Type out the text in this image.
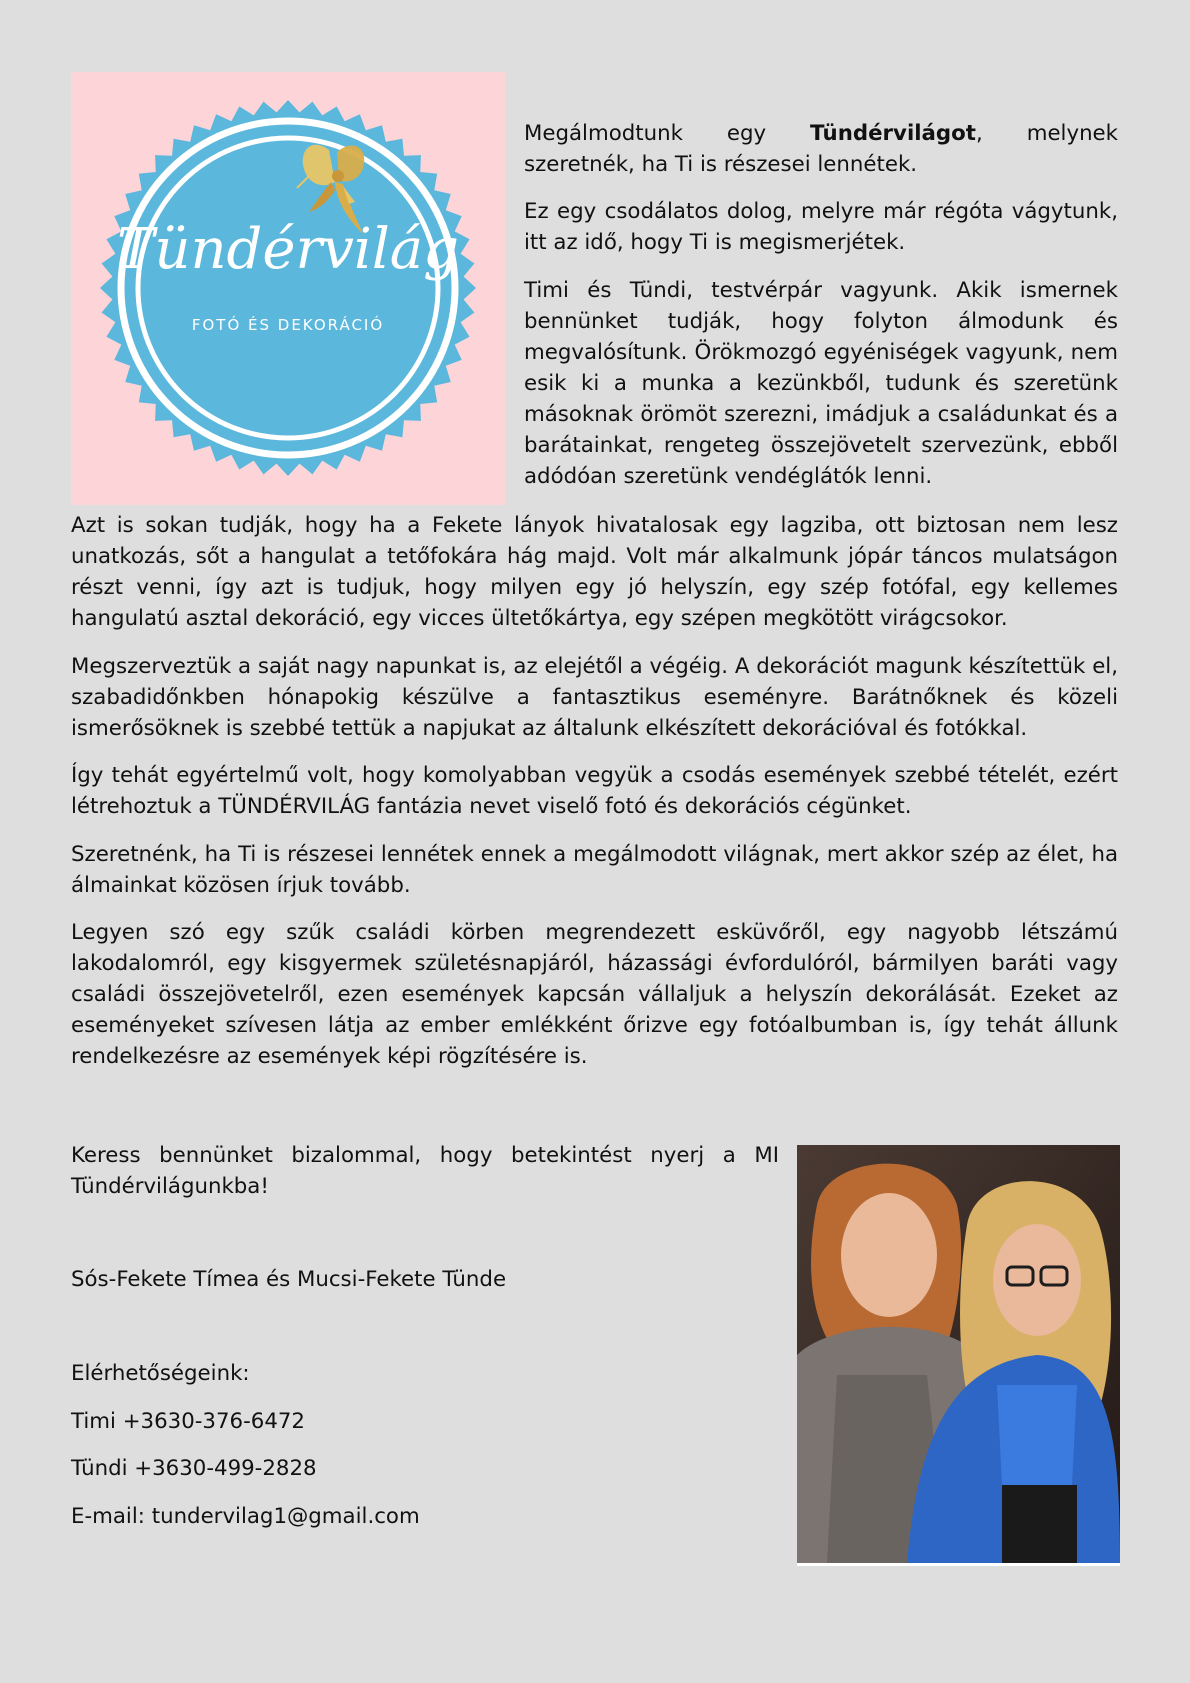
Tündérvilág
FOTÓ ÉS DEKORÁCIÓ

Megálmodtunk egy Tündérvilágot, melynek szeretnék, ha Ti is részesei lennétek.

Ez egy csodálatos dolog, melyre már régóta vágytunk, itt az idő, hogy Ti is megismerjétek.

Timi és Tündi, testvérpár vagyunk. Akik ismernek bennünket tudják, hogy folyton álmodunk és megvalósítunk. Örökmozgó egyéniségek vagyunk, nem esik ki a munka a kezünkből, tudunk és szeretünk másoknak örömöt szerezni, imádjuk a családunkat és a barátainkat, rengeteg összejövetelt szervezünk, ebből adódóan szeretünk vendéglátók lenni.

Azt is sokan tudják, hogy ha a Fekete lányok hivatalosak egy lagziba, ott biztosan nem lesz unatkozás, sőt a hangulat a tetőfokára hág majd. Volt már alkalmunk jópár táncos mulatságon részt venni, így azt is tudjuk, hogy milyen egy jó helyszín, egy szép fotófal, egy kellemes hangulatú asztal dekoráció, egy vicces ültetőkártya, egy szépen megkötött virágcsokor.

Megszerveztük a saját nagy napunkat is, az elejétől a végéig. A dekorációt magunk készítettük el, szabadidőnkben hónapokig készülve a fantasztikus eseményre. Barátnőknek és közeli ismerősöknek is szebbé tettük a napjukat az általunk elkészített dekorációval és fotókkal.

Így tehát egyértelmű volt, hogy komolyabban vegyük a csodás események szebbé tételét, ezért létrehoztuk a TÜNDÉRVILÁG fantázia nevet viselő fotó és dekorációs cégünket.

Szeretnénk, ha Ti is részesei lennétek ennek a megálmodott világnak, mert akkor szép az élet, ha álmainkat közösen írjuk tovább.

Legyen szó egy szűk családi körben megrendezett esküvőről, egy nagyobb létszámú lakodalomról, egy kisgyermek születésnapjáról, házassági évfordulóról, bármilyen baráti vagy családi összejövetelről, ezen események kapcsán vállaljuk a helyszín dekorálását. Ezeket az eseményeket szívesen látja az ember emlékként őrizve egy fotóalbumban is, így tehát állunk rendelkezésre az események képi rögzítésére is.

Keress bennünket bizalommal, hogy betekintést nyerj a MI Tündérvilágunkba!

Sós-Fekete Tímea és Mucsi-Fekete Tünde

Elérhetőségeink:

Timi +3630-376-6472

Tündi +3630-499-2828

E-mail: tundervilag1@gmail.com
